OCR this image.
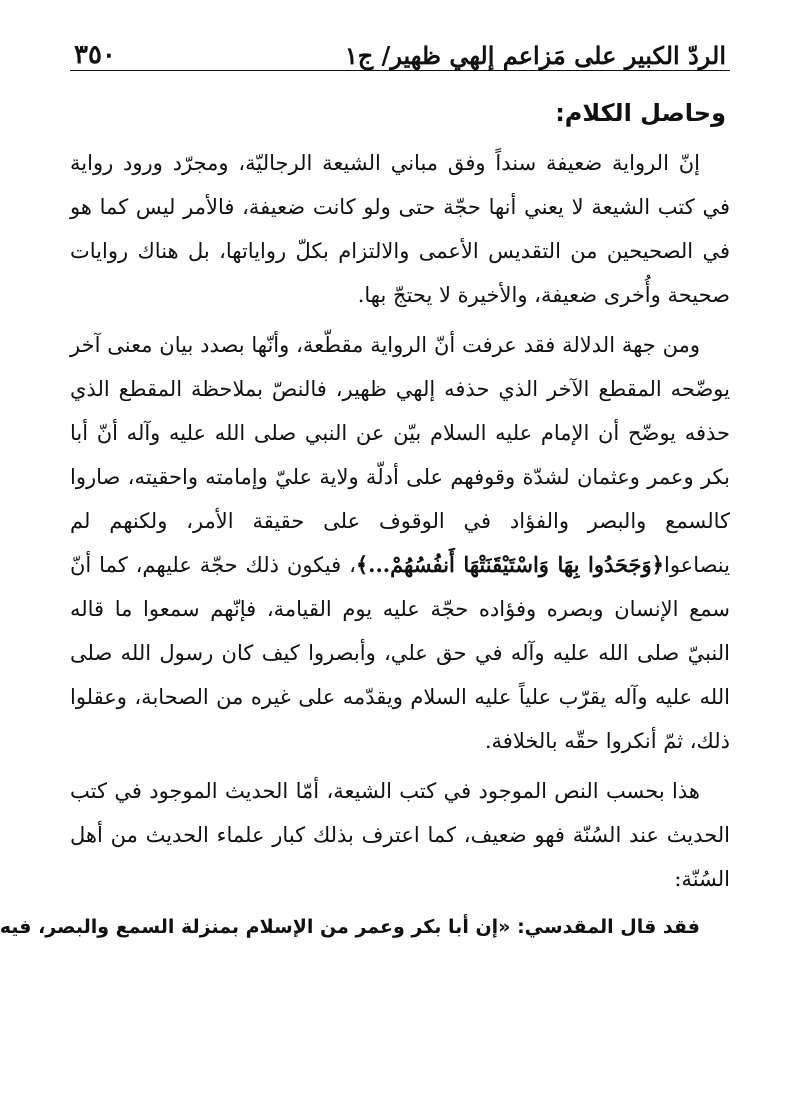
الردّ الكبير على مَزاعم إلهي ظهير/ ج١
٣٥٠
وحاصل الكلام:

إنّ الرواية ضعيفة سنداً وفق مباني الشيعة الرجاليّة، ومجرّد ورود رواية في كتب الشيعة لا يعني أنها حجّة حتى ولو كانت ضعيفة، فالأمر ليس كما هو في الصحيحين من التقديس الأعمى والالتزام بكلّ رواياتها، بل هناك روايات صحيحة وأُخرى ضعيفة، والأخيرة لا يحتجّ بها.

ومن جهة الدلالة فقد عرفت أنّ الرواية مقطّعة، وأنّها بصدد بيان معنى آخر يوضّحه المقطع الآخر الذي حذفه إلهي ظهير، فالنصّ بملاحظة المقطع الذي حذفه يوضّح أن الإمام عليه السلام بيّن عن النبي صلى الله عليه وآله أنّ أبا بكر وعمر وعثمان لشدّة وقوفهم على أدلّة ولاية عليّ وإمامته واحقيته، صاروا كالسمع والبصر والفؤاد في الوقوف على حقيقة الأمر، ولكنهم لم ينصاعوا﴿وَجَحَدُوا بِهَا وَاسْتَيْقَنَتْهَا أَنفُسُهُمْ...﴾، فيكون ذلك حجّة عليهم، كما أنّ سمع الإنسان وبصره وفؤاده حجّة عليه يوم القيامة، فإنّهم سمعوا ما قاله النبيّ صلى الله عليه وآله في حق علي، وأبصروا كيف كان رسول الله صلى الله عليه وآله يقرّب علياً عليه السلام ويقدّمه على غيره من الصحابة، وعقلوا ذلك، ثمّ أنكروا حقّه بالخلافة.

هذا بحسب النص الموجود في كتب الشيعة، أمّا الحديث الموجود في كتب الحديث عند السُنّة فهو ضعيف، كما اعترف بذلك كبار علماء الحديث من أهل السُنّة:

فقد قال المقدسي: «إن أبا بكر وعمر من الإسلام بمنزلة السمع والبصر، فيه
